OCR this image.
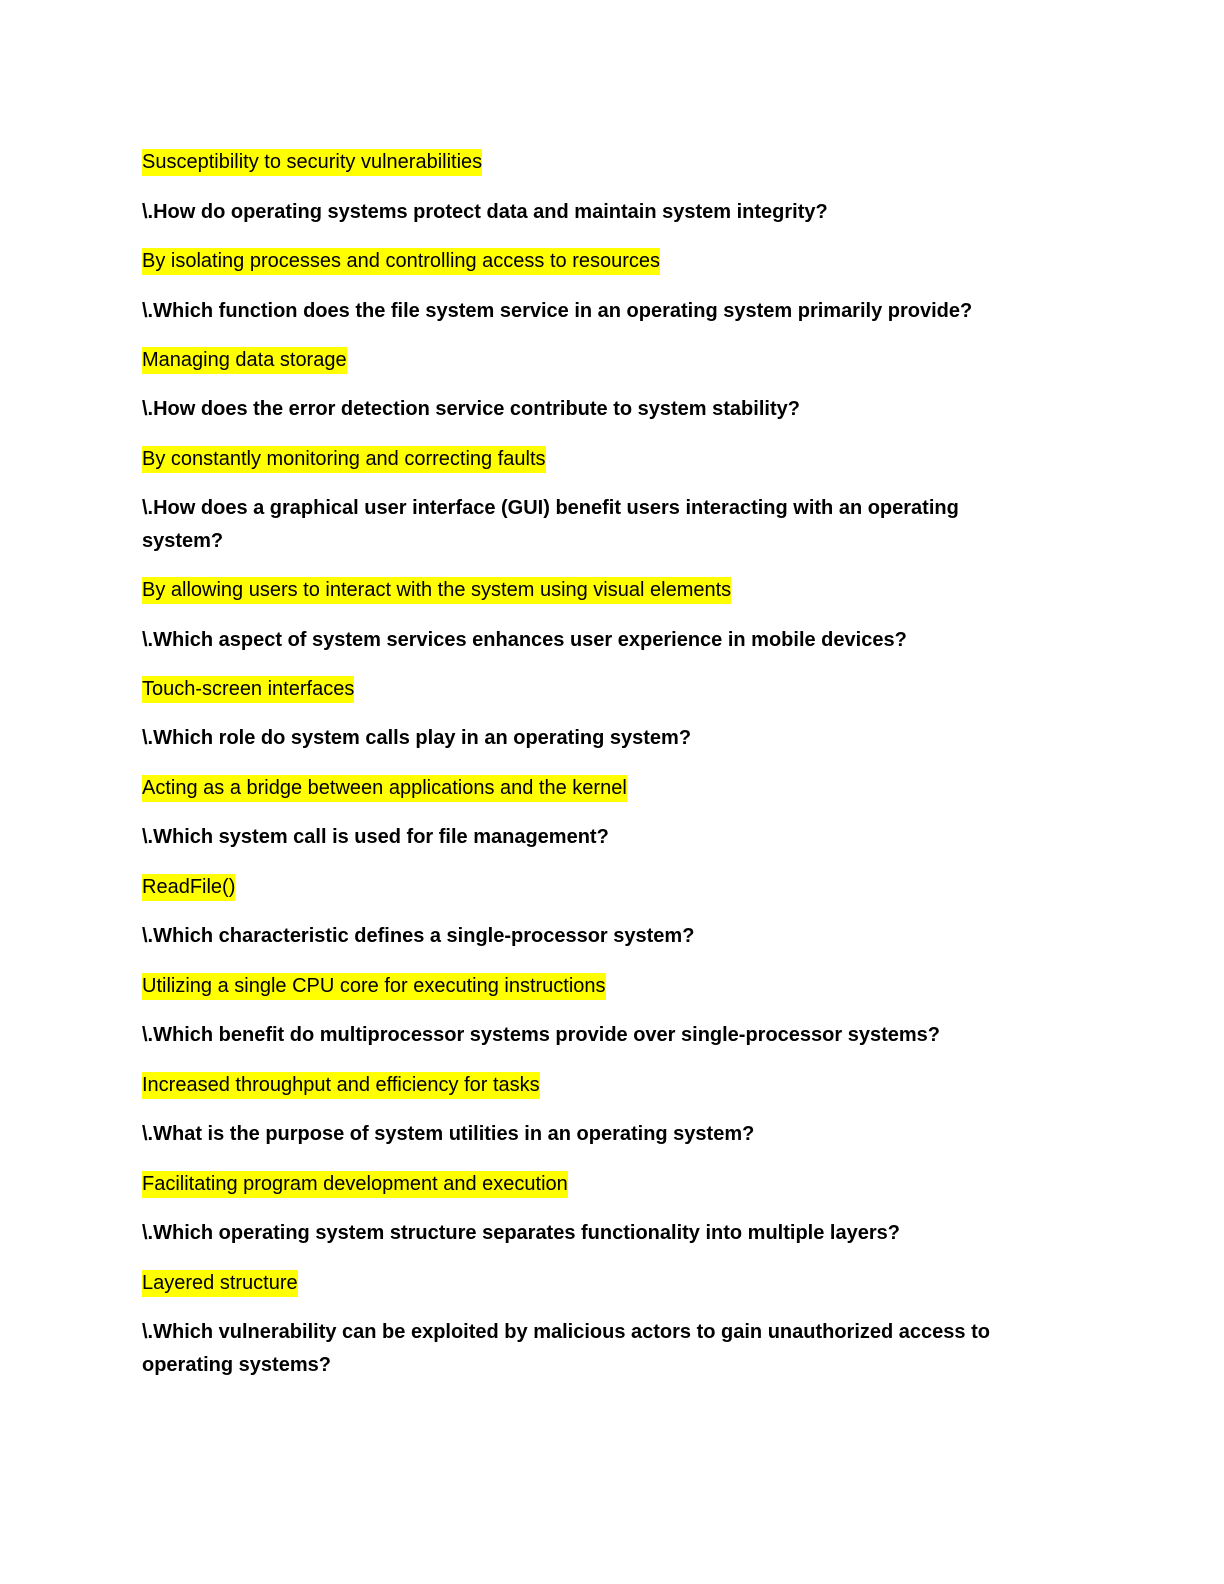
Susceptibility to security vulnerabilities
\.How do operating systems protect data and maintain system integrity?
By isolating processes and controlling access to resources
\.Which function does the file system service in an operating system primarily provide?
Managing data storage
\.How does the error detection service contribute to system stability?
By constantly monitoring and correcting faults
\.How does a graphical user interface (GUI) benefit users interacting with an operating system?
By allowing users to interact with the system using visual elements
\.Which aspect of system services enhances user experience in mobile devices?
Touch-screen interfaces
\.Which role do system calls play in an operating system?
Acting as a bridge between applications and the kernel
\.Which system call is used for file management?
ReadFile()
\.Which characteristic defines a single-processor system?
Utilizing a single CPU core for executing instructions
\.Which benefit do multiprocessor systems provide over single-processor systems?
Increased throughput and efficiency for tasks
\.What is the purpose of system utilities in an operating system?
Facilitating program development and execution
\.Which operating system structure separates functionality into multiple layers?
Layered structure
\.Which vulnerability can be exploited by malicious actors to gain unauthorized access to operating systems?
